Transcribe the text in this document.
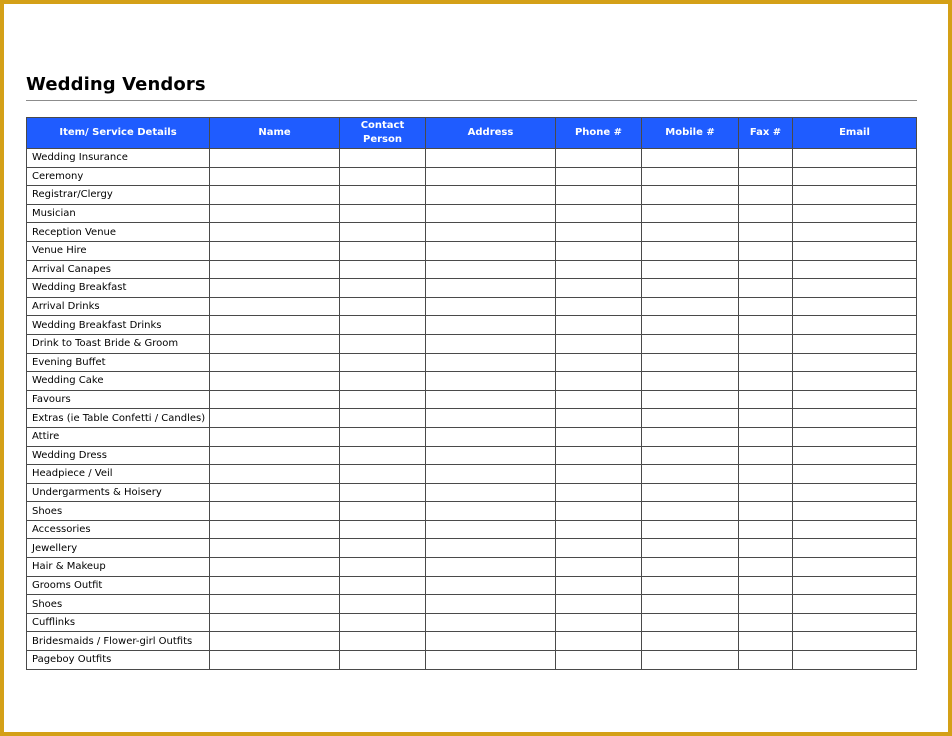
Wedding Vendors
Item/ Service Details	Name	Contact Person	Address	Phone #	Mobile #	Fax #	Email
Wedding Insurance							
Ceremony							
Registrar/Clergy							
Musician							
Reception Venue							
Venue Hire							
Arrival Canapes							
Wedding Breakfast							
Arrival Drinks							
Wedding Breakfast Drinks							
Drink to Toast Bride & Groom							
Evening Buffet							
Wedding Cake							
Favours							
Extras (ie Table Confetti / Candles)							
Attire							
Wedding Dress							
Headpiece / Veil							
Undergarments & Hoisery							
Shoes							
Accessories							
Jewellery							
Hair & Makeup							
Grooms Outfit							
Shoes							
Cufflinks							
Bridesmaids / Flower-girl Outfits							
Pageboy Outfits							
